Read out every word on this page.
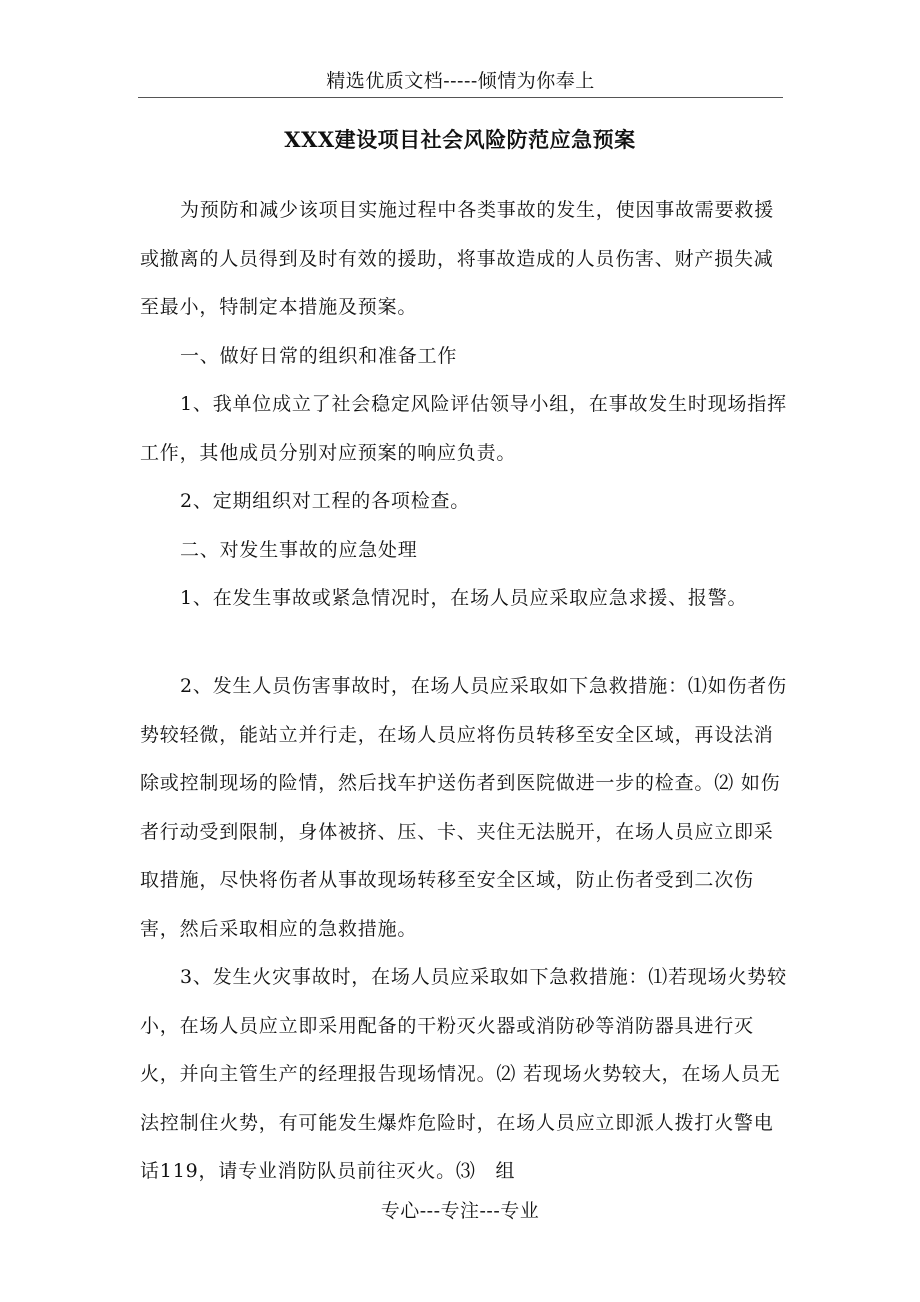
精选优质文档-----倾情为你奉上
XXX建设项目社会风险防范应急预案

为预防和减少该项目实施过程中各类事故的发生，使因事故需要救援或撤离的人员得到及时有效的援助，将事故造成的人员伤害、财产损失减至最小，特制定本措施及预案。

一、做好日常的组织和准备工作

1、我单位成立了社会稳定风险评估领导小组，在事故发生时现场指挥工作，其他成员分别对应预案的响应负责。

2、定期组织对工程的各项检查。

二、对发生事故的应急处理

1、在发生事故或紧急情况时，在场人员应采取应急求援、报警。

2、发生人员伤害事故时，在场人员应采取如下急救措施：⑴如伤者伤势较轻微，能站立并行走，在场人员应将伤员转移至安全区域，再设法消除或控制现场的险情，然后找车护送伤者到医院做进一步的检查。⑵ 如伤者行动受到限制，身体被挤、压、卡、夹住无法脱开，在场人员应立即采取措施，尽快将伤者从事故现场转移至安全区域，防止伤者受到二次伤害，然后采取相应的急救措施。

3、发生火灾事故时，在场人员应采取如下急救措施：⑴若现场火势较小，在场人员应立即采用配备的干粉灭火器或消防砂等消防器具进行灭火，并向主管生产的经理报告现场情况。⑵ 若现场火势较大，在场人员无法控制住火势，有可能发生爆炸危险时，在场人员应立即派人拨打火警电话119，请专业消防队员前往灭火。⑶　组

专心---专注---专业
